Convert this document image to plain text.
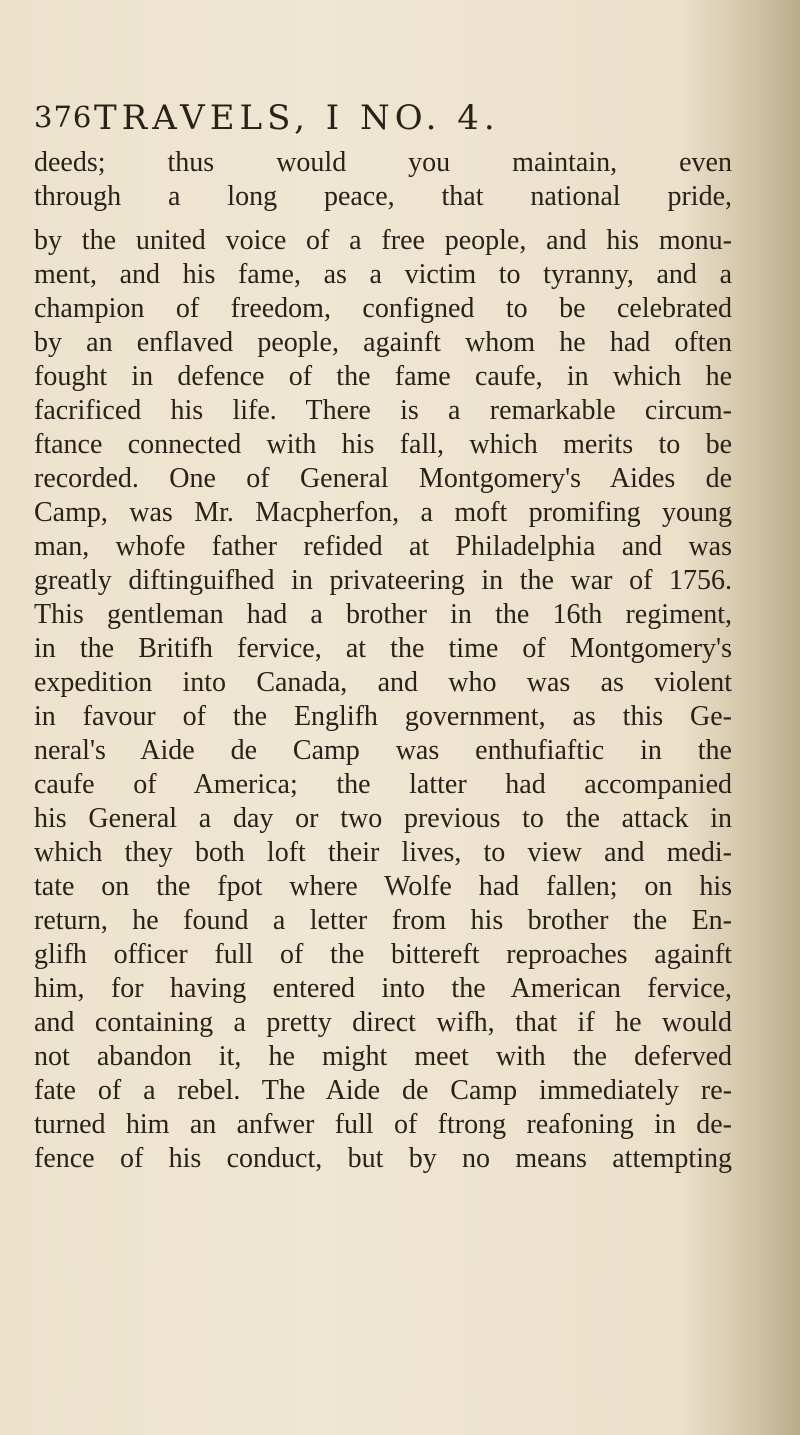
376 TRAVELS, I NO. 4.
deeds; thus would you maintain, even
through a long peace, that national pride,
by the united voice of a free people, and his monu-
ment, and his fame, as a victim to tyranny, and a
champion of freedom, configned to be celebrated
by an enflaved people, againft whom he had often
fought in defence of the fame caufe, in which he
facrificed his life. There is a remarkable circum-
ftance connected with his fall, which merits to be
recorded. One of General Montgomery's Aides de
Camp, was Mr. Macpherfon, a moft promifing young
man, whofe father refided at Philadelphia and was
greatly diftinguifhed in privateering in the war of 1756.
This gentleman had a brother in the 16th regiment,
in the Britifh fervice, at the time of Montgomery's
expedition into Canada, and who was as violent
in favour of the Englifh government, as this Ge-
neral's Aide de Camp was enthufiaftic in the
caufe of America; the latter had accompanied
his General a day or two previous to the attack in
which they both loft their lives, to view and medi-
tate on the fpot where Wolfe had fallen; on his
return, he found a letter from his brother the En-
glifh officer full of the bittereft reproaches againft
him, for having entered into the American fervice,
and containing a pretty direct wifh, that if he would
not abandon it, he might meet with the deferved
fate of a rebel. The Aide de Camp immediately re-
turned him an anfwer full of ftrong reafoning in de-
fence of his conduct, but by no means attempting
